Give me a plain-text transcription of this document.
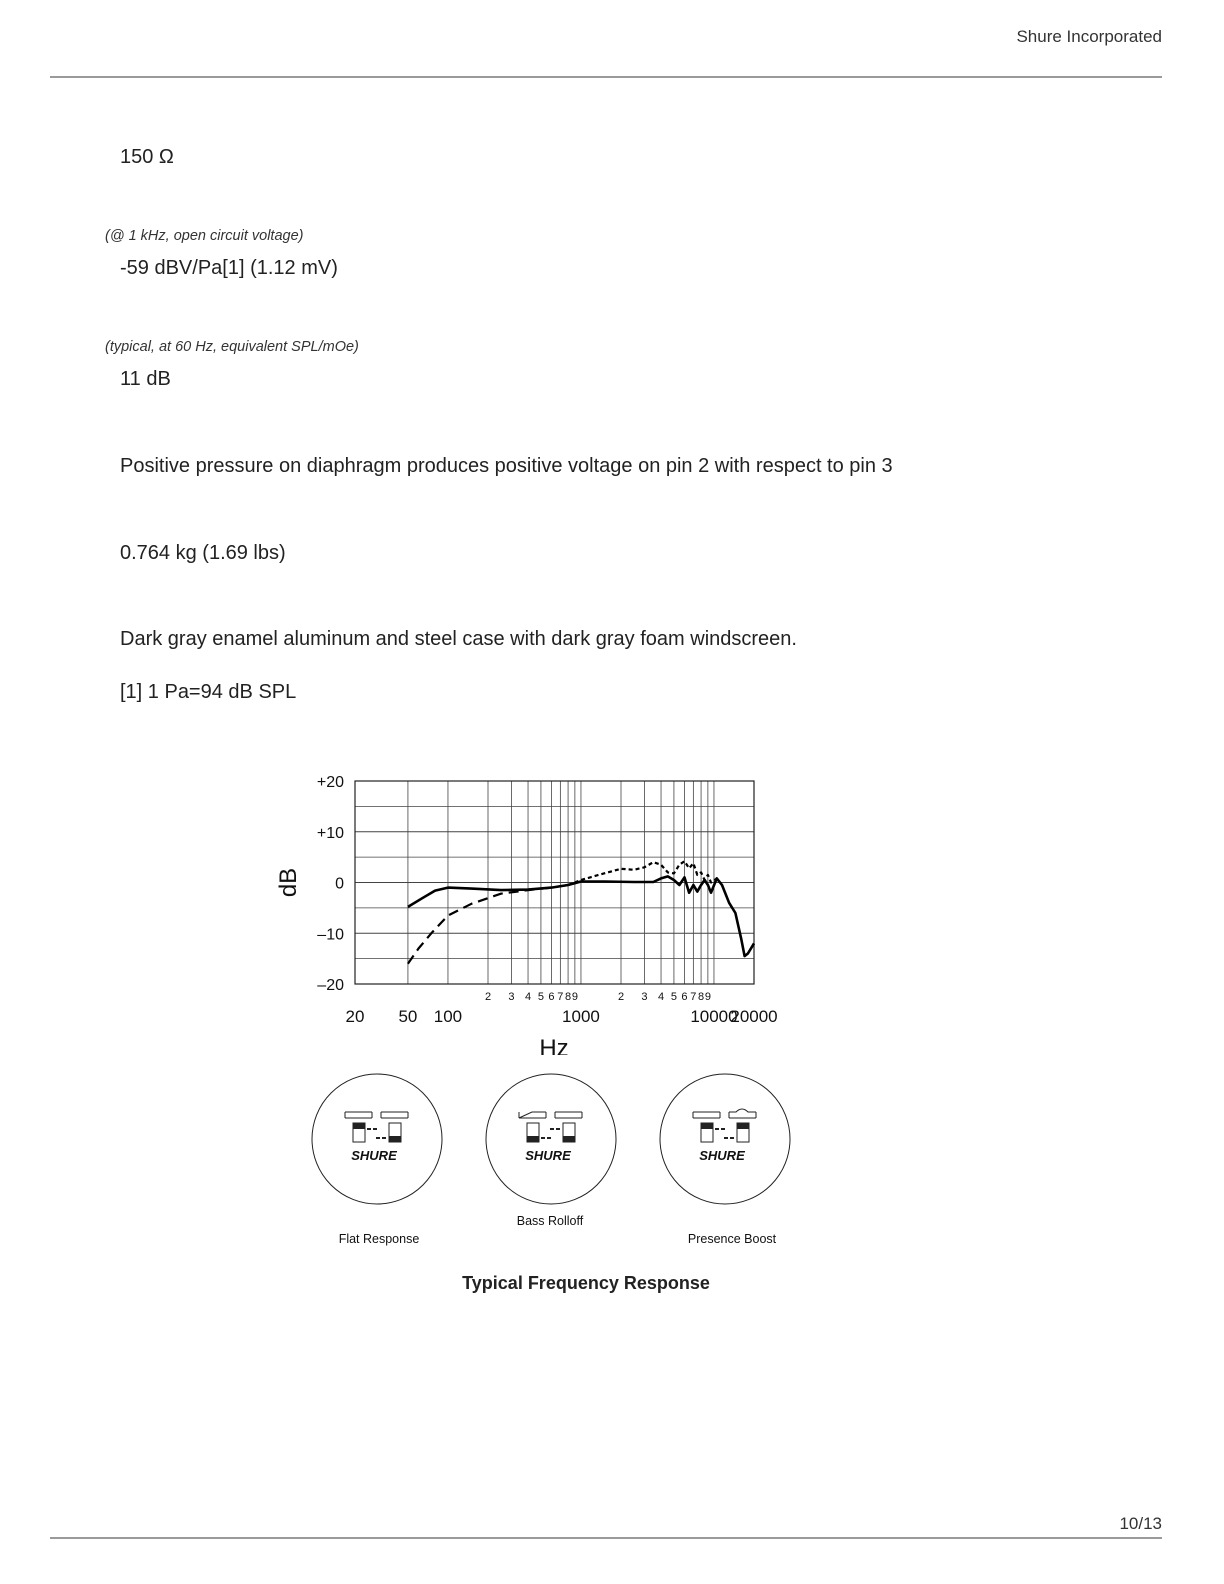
Shure Incorporated
150 Ω
(@ 1 kHz, open circuit voltage)
-59 dBV/Pa[1] (1.12 mV)
(typical, at 60 Hz, equivalent SPL/mOe)
11 dB
Positive pressure on diaphragm produces positive voltage on pin 2 with respect to pin 3
0.764 kg (1.69 lbs)
Dark gray enamel aluminum and steel case with dark gray foam windscreen.
[1] 1 Pa=94 dB SPL
+20
+10
0
–10
–20
2 3 4 5 6 7 8 9	2 3 4 5 6 7 8 9
20 50 100	1000	10000
20000
Hz
dB
SHURE
Flat Response
SHURE
Bass Rolloff
SHURE
Presence Boost
Typical Frequency Response
10/13
